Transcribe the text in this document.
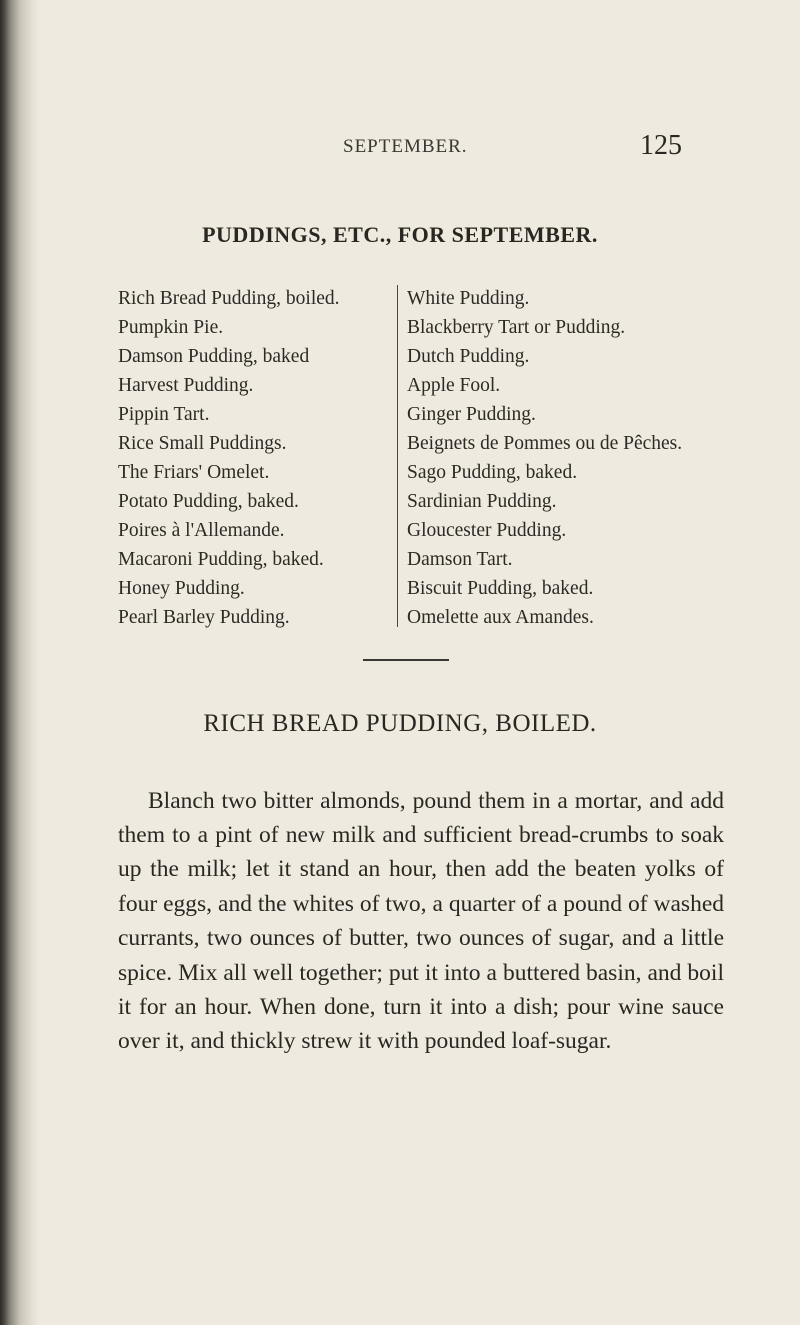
SEPTEMBER.	125
PUDDINGS, ETC., FOR SEPTEMBER.
Rich Bread Pudding, boiled.
Pumpkin Pie.
Damson Pudding, baked
Harvest Pudding.
Pippin Tart.
Rice Small Puddings.
The Friars' Omelet.
Potato Pudding, baked.
Poires à l'Allemande.
Macaroni Pudding, baked.
Honey Pudding.
Pearl Barley Pudding.
White Pudding.
Blackberry Tart or Pudding.
Dutch Pudding.
Apple Fool.
Ginger Pudding.
Beignets de Pommes ou de Pêches.
Sago Pudding, baked.
Sardinian Pudding.
Gloucester Pudding.
Damson Tart.
Biscuit Pudding, baked.
Omelette aux Amandes.
RICH BREAD PUDDING, BOILED.

Blanch two bitter almonds, pound them in a mortar, and add them to a pint of new milk and sufficient bread-crumbs to soak up the milk; let it stand an hour, then add the beaten yolks of four eggs, and the whites of two, a quarter of a pound of washed currants, two ounces of butter, two ounces of sugar, and a little spice. Mix all well together; put it into a buttered basin, and boil it for an hour. When done, turn it into a dish; pour wine sauce over it, and thickly strew it with pounded loaf-sugar.
